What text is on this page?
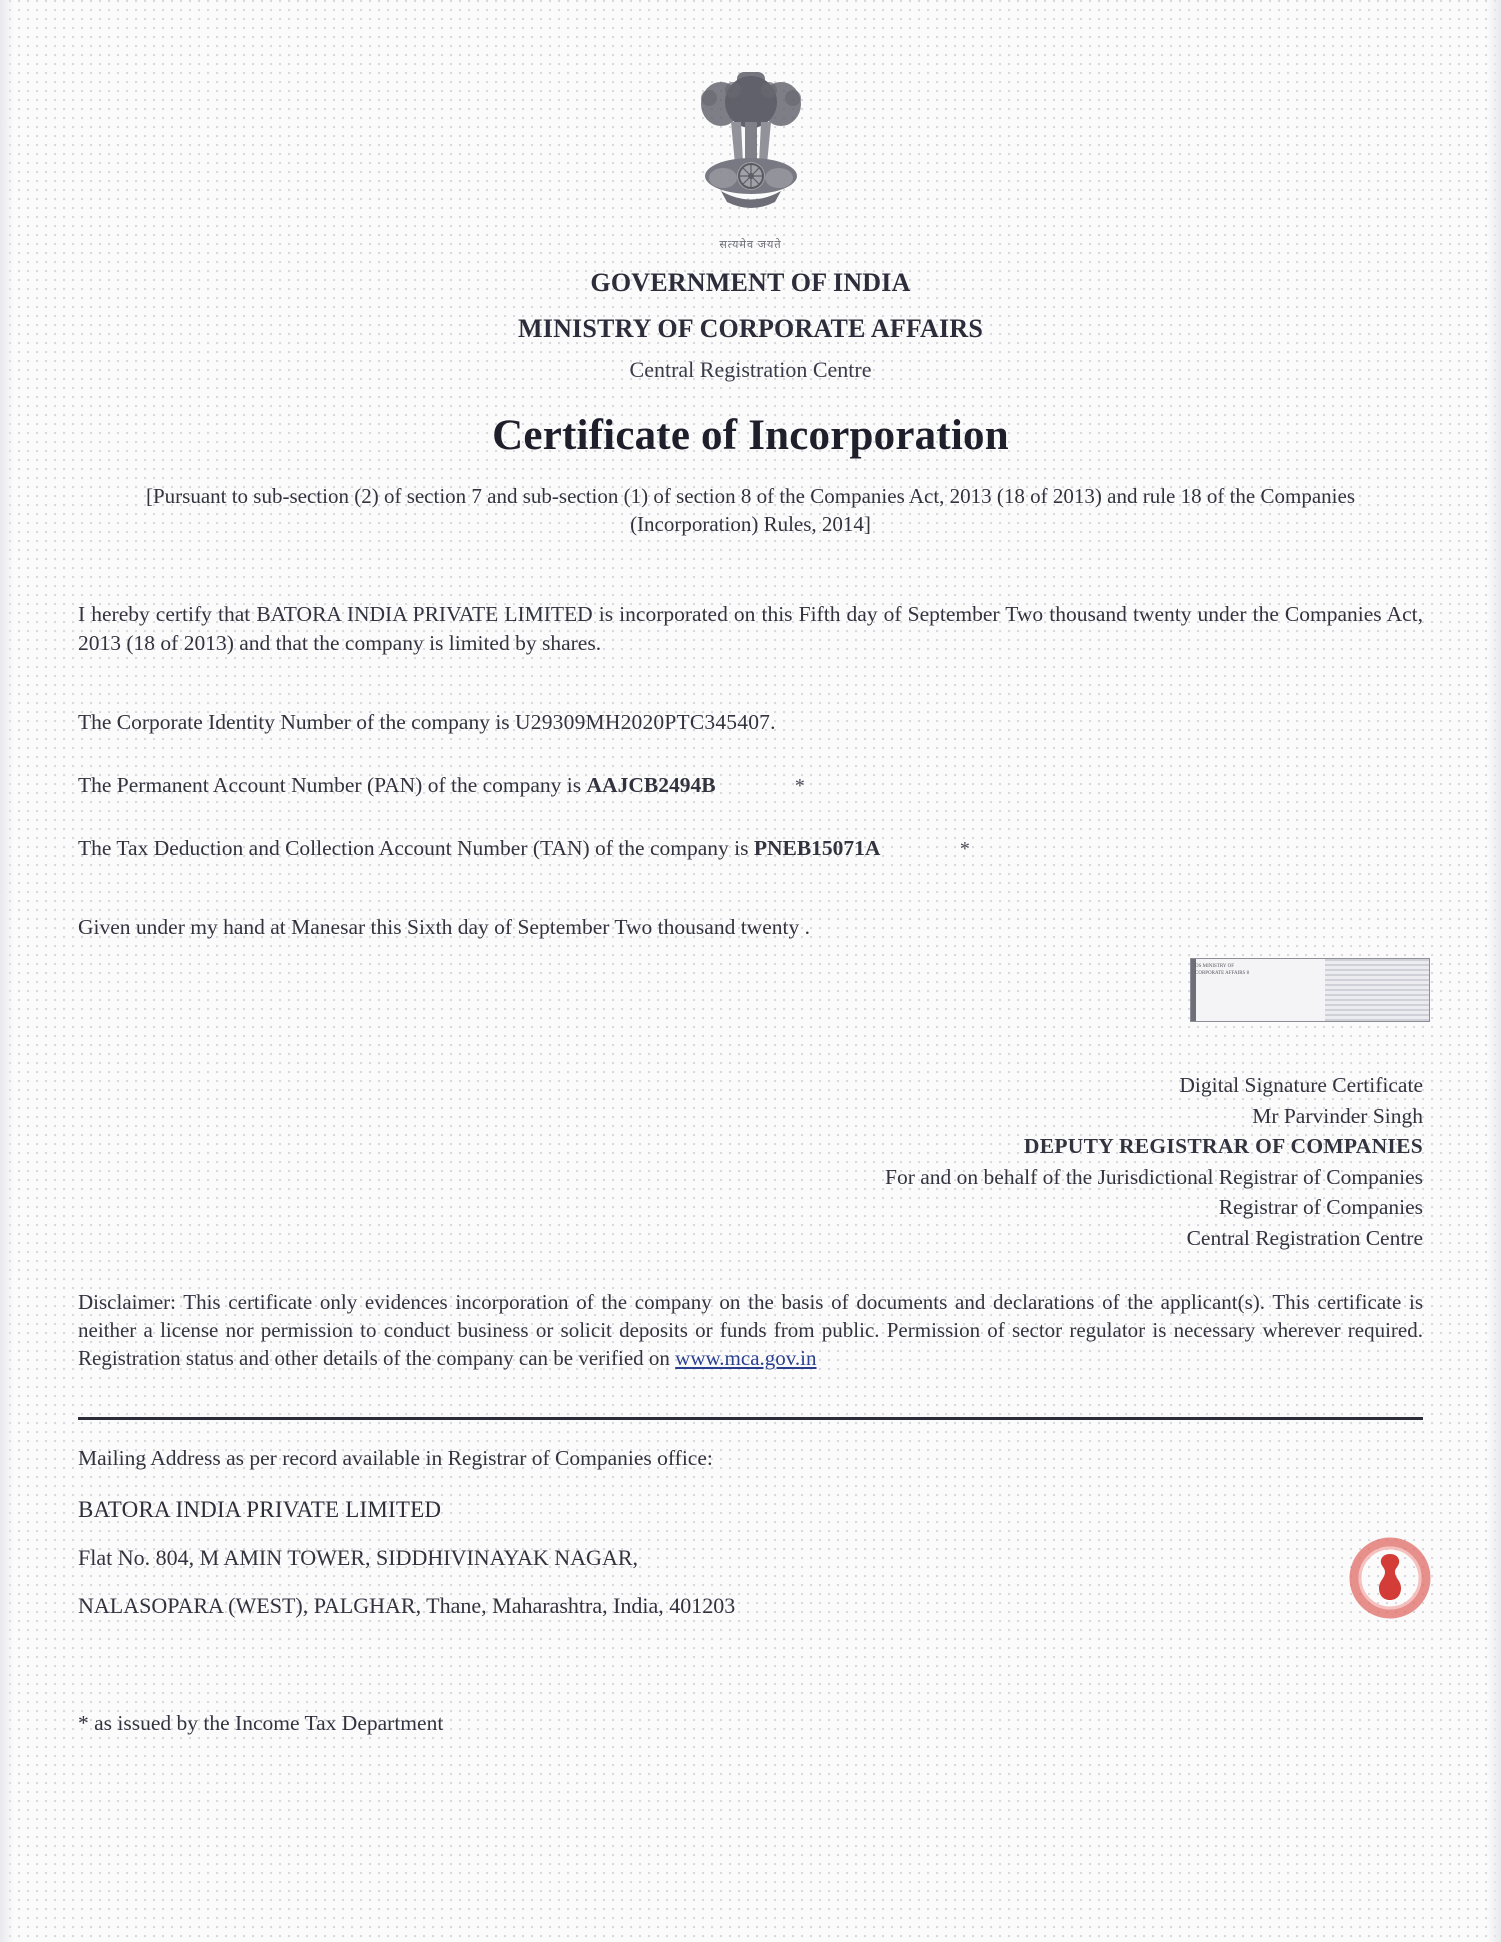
DS MINISTRY OF
CORPORATE AFFAIRS 8
सत्यमेव जयते
GOVERNMENT OF INDIA
MINISTRY OF CORPORATE AFFAIRS
Central Registration Centre
Certificate of Incorporation
[Pursuant to sub-section (2) of section 7 and sub-section (1) of section 8 of the Companies Act, 2013 (18 of 2013) and rule 18 of the Companies (Incorporation) Rules, 2014]
I hereby certify that BATORA INDIA PRIVATE LIMITED is incorporated on this Fifth day of September Two thousand twenty under the Companies Act, 2013 (18 of 2013) and that the company is limited by shares.
The Corporate Identity Number of the company is U29309MH2020PTC345407.
The Permanent Account Number (PAN) of the company is AAJCB2494B	*
The Tax Deduction and Collection Account Number (TAN) of the company is PNEB15071A	*
Given under my hand at Manesar this Sixth day of September Two thousand twenty .
Digital Signature Certificate
Mr Parvinder Singh
DEPUTY REGISTRAR OF COMPANIES
For and on behalf of the Jurisdictional Registrar of Companies
Registrar of Companies
Central Registration Centre
Disclaimer: This certificate only evidences incorporation of the company on the basis of documents and declarations of the applicant(s). This certificate is neither a license nor permission to conduct business or solicit deposits or funds from public. Permission of sector regulator is necessary wherever required. Registration status and other details of the company can be verified on www.mca.gov.in
Mailing Address as per record available in Registrar of Companies office:
BATORA INDIA PRIVATE LIMITED
Flat No. 804, M AMIN TOWER, SIDDHIVINAYAK NAGAR,
NALASOPARA (WEST), PALGHAR, Thane, Maharashtra, India, 401203
* as issued by the Income Tax Department
